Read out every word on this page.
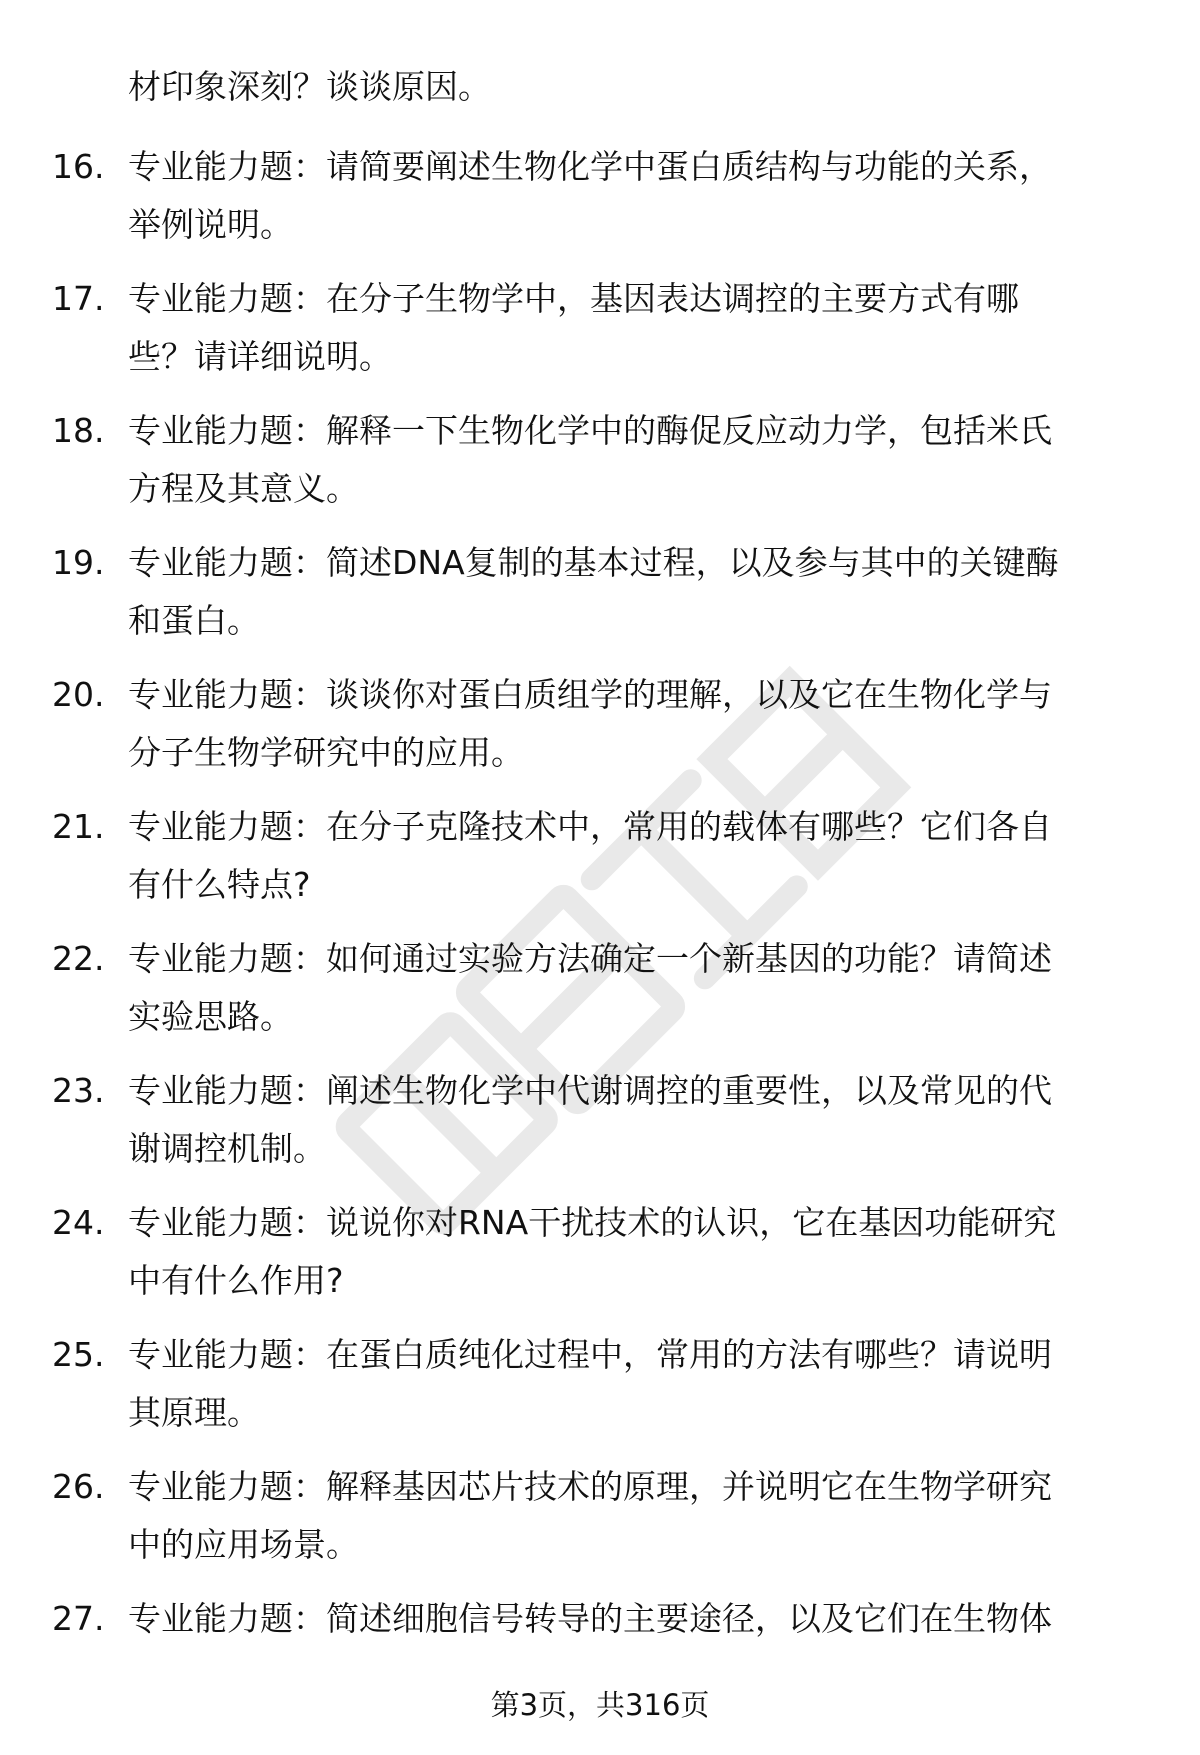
材印象深刻？谈谈原因。

16. 专业能力题：请简要阐述生物化学中蛋白质结构与功能的关系，
举例说明。
17. 专业能力题：在分子生物学中，基因表达调控的主要方式有哪
些？请详细说明。
18. 专业能力题：解释一下生物化学中的酶促反应动力学，包括米氏
方程及其意义。
19. 专业能力题：简述DNA复制的基本过程，以及参与其中的关键酶
和蛋白。
20. 专业能力题：谈谈你对蛋白质组学的理解，以及它在生物化学与
分子生物学研究中的应用。
21. 专业能力题：在分子克隆技术中，常用的载体有哪些？它们各自
有什么特点?
22. 专业能力题：如何通过实验方法确定一个新基因的功能？请简述
实验思路。
23. 专业能力题：阐述生物化学中代谢调控的重要性，以及常见的代
谢调控机制。
24. 专业能力题：说说你对RNA干扰技术的认识，它在基因功能研究
中有什么作用?
25. 专业能力题：在蛋白质纯化过程中，常用的方法有哪些？请说明
其原理。
26. 专业能力题：解释基因芯片技术的原理，并说明它在生物学研究
中的应用场景。
27. 专业能力题：简述细胞信号转导的主要途径，以及它们在生物体
第3页，共316页
